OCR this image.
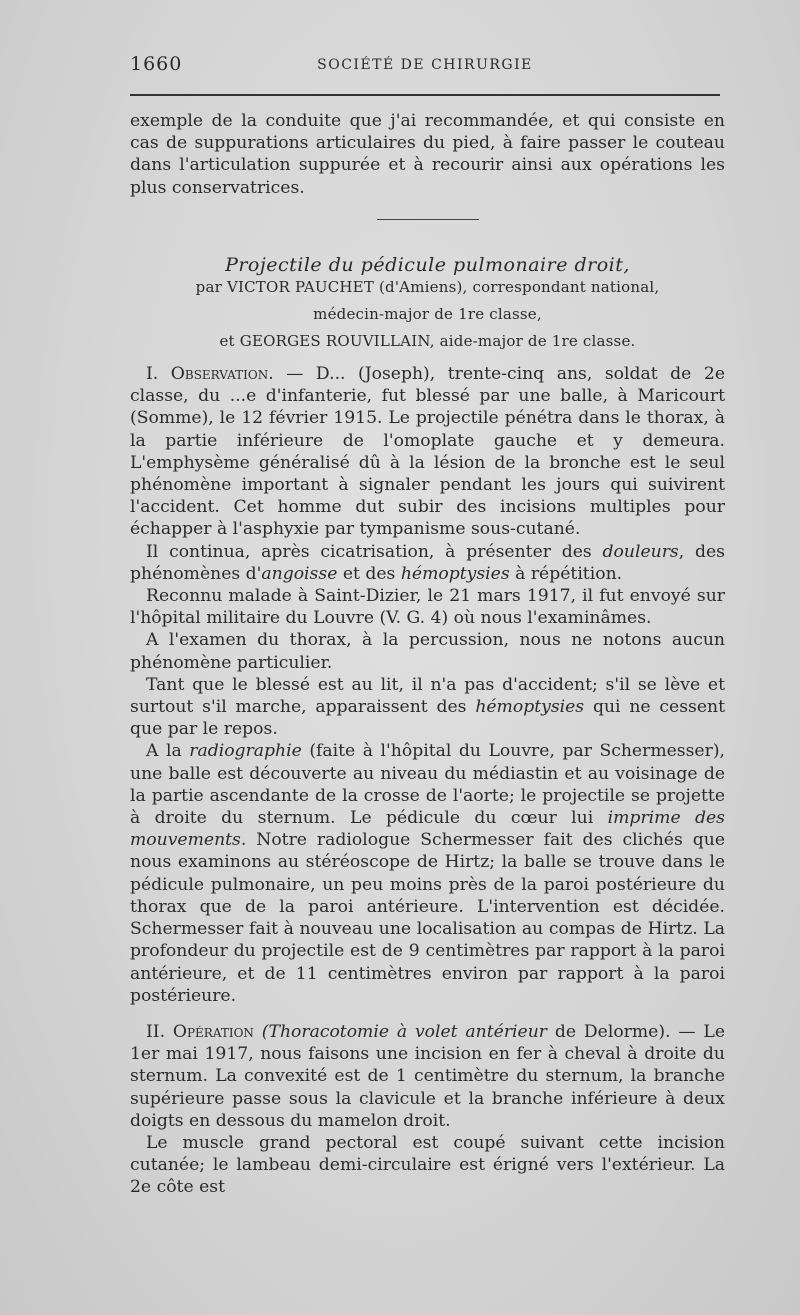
1660	SOCIÉTÉ DE CHIRURGIE

exemple de la conduite que j'ai recommandée, et qui consiste en cas de suppurations articulaires du pied, à faire passer le couteau dans l'articulation suppurée et à recourir ainsi aux opérations les plus conservatrices.

Projectile du pédicule pulmonaire droit,

par VICTOR PAUCHET (d'Amiens), correspondant national,

médecin-major de 1re classe,

et GEORGES ROUVILLAIN, aide-major de 1re classe.

I. Observation. — D... (Joseph), trente-cinq ans, soldat de 2e classe, du ...e d'infanterie, fut blessé par une balle, à Maricourt (Somme), le 12 février 1915. Le projectile pénétra dans le thorax, à la partie inférieure de l'omoplate gauche et y demeura. L'emphysème généralisé dû à la lésion de la bronche est le seul phénomène important à signaler pendant les jours qui suivirent l'accident. Cet homme dut subir des incisions multiples pour échapper à l'asphyxie par tympanisme sous-cutané.

Il continua, après cicatrisation, à présenter des douleurs, des phénomènes d'angoisse et des hémoptysies à répétition.

Reconnu malade à Saint-Dizier, le 21 mars 1917, il fut envoyé sur l'hôpital militaire du Louvre (V. G. 4) où nous l'examinâmes.

A l'examen du thorax, à la percussion, nous ne notons aucun phénomène particulier.

Tant que le blessé est au lit, il n'a pas d'accident; s'il se lève et surtout s'il marche, apparaissent des hémoptysies qui ne cessent que par le repos.

A la radiographie (faite à l'hôpital du Louvre, par Schermesser), une balle est découverte au niveau du médiastin et au voisinage de la partie ascendante de la crosse de l'aorte; le projectile se projette à droite du sternum. Le pédicule du cœur lui imprime des mouvements. Notre radiologue Schermesser fait des clichés que nous examinons au stéréoscope de Hirtz; la balle se trouve dans le pédicule pulmonaire, un peu moins près de la paroi postérieure du thorax que de la paroi antérieure. L'intervention est décidée. Schermesser fait à nouveau une localisation au compas de Hirtz. La profondeur du projectile est de 9 centimètres par rapport à la paroi antérieure, et de 11 centimètres environ par rapport à la paroi postérieure.

II. Opération (Thoracotomie à volet antérieur de Delorme). — Le 1er mai 1917, nous faisons une incision en fer à cheval à droite du sternum. La convexité est de 1 centimètre du sternum, la branche supérieure passe sous la clavicule et la branche inférieure à deux doigts en dessous du mamelon droit.

Le muscle grand pectoral est coupé suivant cette incision cutanée; le lambeau demi-circulaire est érigné vers l'extérieur. La 2e côte est
